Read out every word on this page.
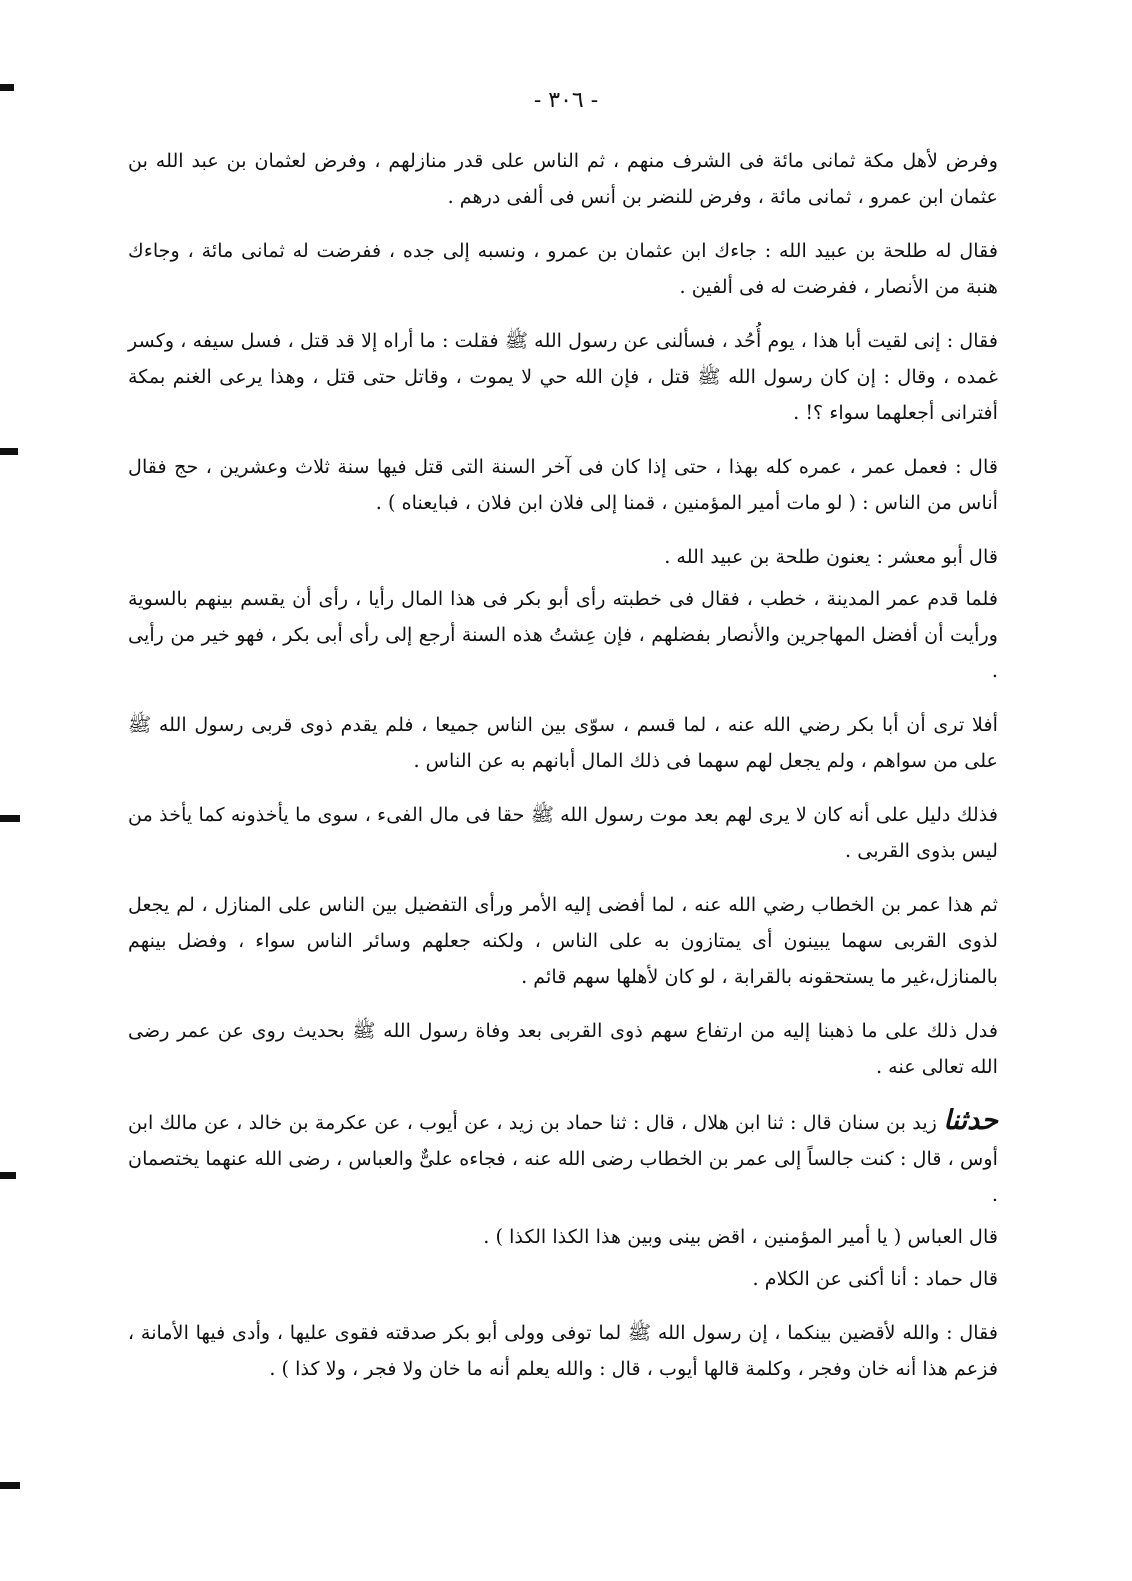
- ٣٠٦ -

وفرض لأهل مكة ثمانى مائة فى الشرف منهم ، ثم الناس على قدر منازلهم ، وفرض لعثمان بن عبد الله بن عثمان ابن عمرو ، ثمانى مائة ، وفرض للنضر بن أنس فى ألفى درهم .

فقال له طلحة بن عبيد الله : جاءك ابن عثمان بن عمرو ، ونسبه إلى جده ، ففرضت له ثمانى مائة ، وجاءك هنبة من الأنصار ، ففرضت له فى ألفين .

فقال : إنى لقيت أبا هذا ، يوم أُحُد ، فسألنى عن رسول الله ﷺ فقلت : ما أراه إلا قد قتل ، فسل سيفه ، وكسر غمده ، وقال : إن كان رسول الله ﷺ قتل ، فإن الله حي لا يموت ، وقاتل حتى قتل ، وهذا يرعى الغنم بمكة أفترانى أجعلهما سواء ؟! .

قال : فعمل عمر ، عمره كله بهذا ، حتى إذا كان فى آخر السنة التى قتل فيها سنة ثلاث وعشرين ، حج فقال أناس من الناس : ( لو مات أمير المؤمنين ، قمنا إلى فلان ابن فلان ، فبايعناه ) .

قال أبو معشر : يعنون طلحة بن عبيد الله .

فلما قدم عمر المدينة ، خطب ، فقال فى خطبته رأى أبو بكر فى هذا المال رأيا ، رأى أن يقسم بينهم بالسوية ورأيت أن أفضل المهاجرين والأنصار بفضلهم ، فإن عِشتُ هذه السنة أرجع إلى رأى أبى بكر ، فهو خير من رأيى .

أفلا ترى أن أبا بكر رضي الله عنه ، لما قسم ، سوّى بين الناس جميعا ، فلم يقدم ذوى قربى رسول الله ﷺ على من سواهم ، ولم يجعل لهم سهما فى ذلك المال أبانهم به عن الناس .

فذلك دليل على أنه كان لا يرى لهم بعد موت رسول الله ﷺ حقا فى مال الفىء ، سوى ما يأخذونه كما يأخذ من ليس بذوى القربى .

ثم هذا عمر بن الخطاب رضي الله عنه ، لما أفضى إليه الأمر ورأى التفضيل بين الناس على المنازل ، لم يجعل لذوى القربى سهما يبينون أى يمتازون به على الناس ، ولكنه جعلهم وسائر الناس سواء ، وفضل بينهم بالمنازل،غير ما يستحقونه بالقرابة ، لو كان لأهلها سهم قائم .

فدل ذلك على ما ذهبنا إليه من ارتفاع سهم ذوى القربى بعد وفاة رسول الله ﷺ بحديث روى عن عمر رضى الله تعالى عنه .

حدثنا زيد بن سنان قال : ثنا ابن هلال ، قال : ثنا حماد بن زيد ، عن أيوب ، عن عكرمة بن خالد ، عن مالك ابن أوس ، قال : كنت جالساً إلى عمر بن الخطاب رضى الله عنه ، فجاءه علىٌّ والعباس ، رضى الله عنهما يختصمان .

قال العباس ( يا أمير المؤمنين ، اقض بينى وبين هذا الكذا الكذا ) .

قال حماد : أنا أكنى عن الكلام .

فقال : والله لأقضين بينكما ، إن رسول الله ﷺ لما توفى وولى أبو بكر صدقته فقوى عليها ، وأدى فيها الأمانة ، فزعم هذا أنه خان وفجر ، وكلمة قالها أيوب ، قال : والله يعلم أنه ما خان ولا فجر ، ولا كذا ) .
